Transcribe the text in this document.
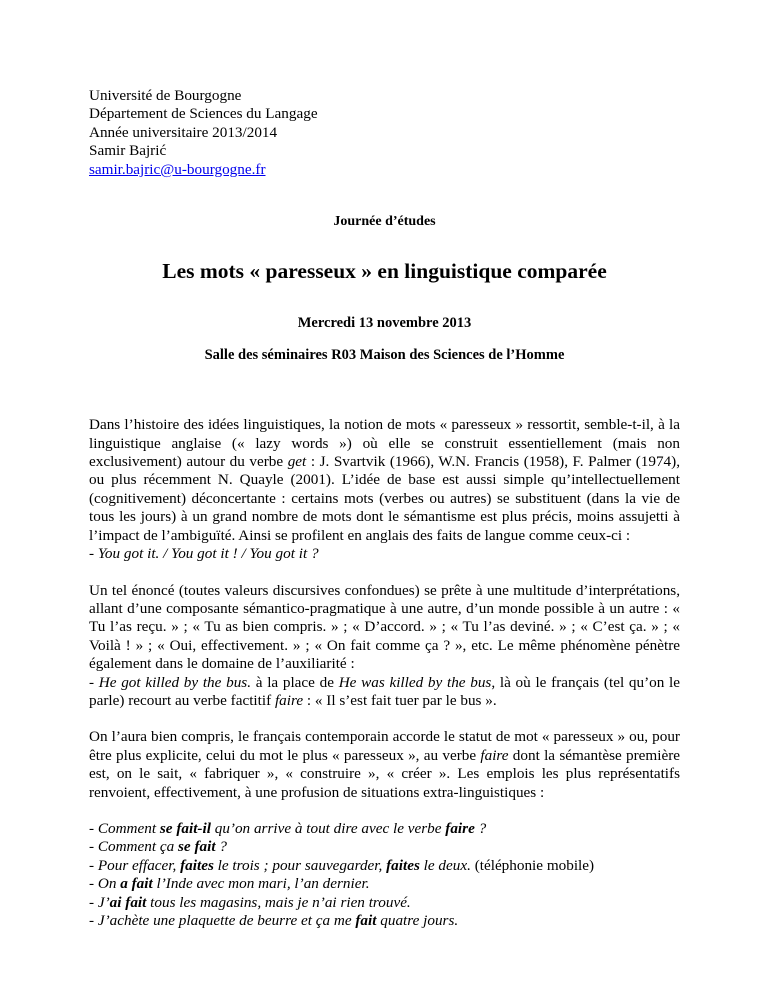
Université de Bourgogne
Département de Sciences du Langage
Année universitaire 2013/2014
Samir Bajrić
samir.bajric@u-bourgogne.fr
Journée d’études
Les mots « paresseux » en linguistique comparée
Mercredi 13 novembre 2013
Salle des séminaires R03 Maison des Sciences de l’Homme

Dans l’histoire des idées linguistiques, la notion de mots « paresseux » ressortit, semble-t-il, à la linguistique anglaise (« lazy words ») où elle se construit essentiellement (mais non exclusivement) autour du verbe get : J. Svartvik (1966), W.N. Francis (1958), F. Palmer (1974), ou plus récemment N. Quayle (2001). L’idée de base est aussi simple qu’intellectuellement (cognitivement) déconcertante : certains mots (verbes ou autres) se substituent (dans la vie de tous les jours) à un grand nombre de mots dont le sémantisme est plus précis, moins assujetti à l’impact de l’ambiguïté. Ainsi se profilent en anglais des faits de langue comme ceux-ci :
- You got it. / You got it ! / You got it ?

Un tel énoncé (toutes valeurs discursives confondues) se prête à une multitude d’interprétations, allant d’une composante sémantico-pragmatique à une autre, d’un monde possible à un autre : « Tu l’as reçu. » ; « Tu as bien compris. » ; « D’accord. » ; « Tu l’as deviné. » ; « C’est ça. » ; « Voilà ! » ; « Oui, effectivement. » ; « On fait comme ça ? », etc. Le même phénomène pénètre également dans le domaine de l’auxiliarité :
- He got killed by the bus. à la place de He was killed by the bus, là où le français (tel qu’on le parle) recourt au verbe factitif faire : « Il s’est fait tuer par le bus ».

On l’aura bien compris, le français contemporain accorde le statut de mot « paresseux » ou, pour être plus explicite, celui du mot le plus « paresseux », au verbe faire dont la sémantèse première est, on le sait, « fabriquer », « construire », « créer ». Les emplois les plus représentatifs renvoient, effectivement, à une profusion de situations extra-linguistiques :

- Comment se fait-il qu’on arrive à tout dire avec le verbe faire ?
- Comment ça se fait ?
- Pour effacer, faites le trois ; pour sauvegarder, faites le deux. (téléphonie mobile)
- On a fait l’Inde avec mon mari, l’an dernier.
- J’ai fait tous les magasins, mais je n’ai rien trouvé.
- J’achète une plaquette de beurre et ça me fait quatre jours.
